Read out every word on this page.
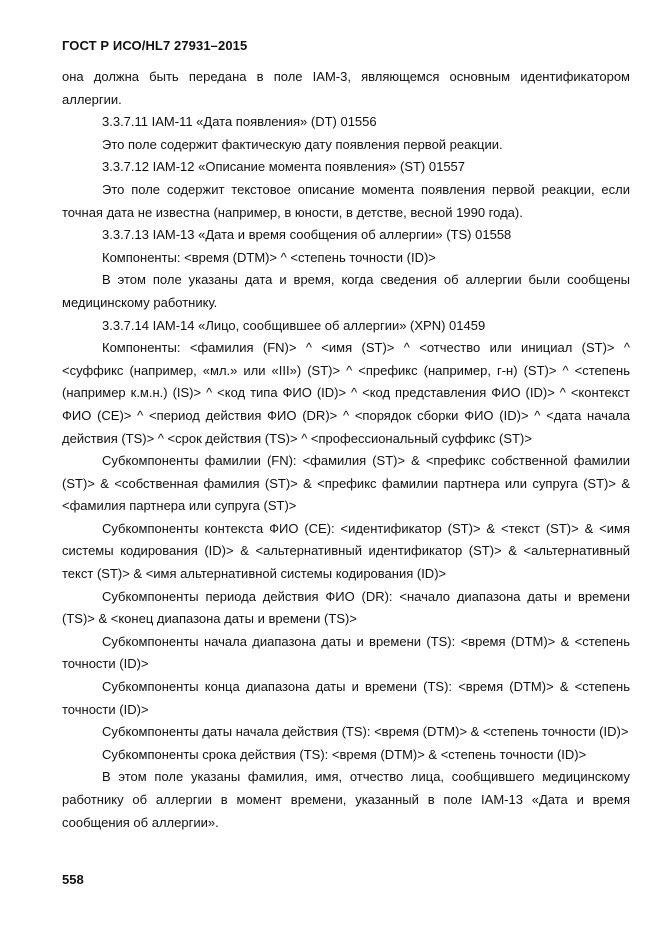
ГОСТ Р ИСО/HL7 27931–2015

она должна быть передана в поле IAM-3, являющемся основным идентификатором аллергии.

3.3.7.11 IAM-11 «Дата появления» (DT) 01556

Это поле содержит фактическую дату появления первой реакции.

3.3.7.12 IAM-12 «Описание момента появления» (ST) 01557

Это поле содержит текстовое описание момента появления первой реакции, если точная дата не известна (например, в юности, в детстве, весной 1990 года).

3.3.7.13 IAM-13 «Дата и время сообщения об аллергии» (TS) 01558

Компоненты: <время (DTM)> ^ <степень точности (ID)>

В этом поле указаны дата и время, когда сведения об аллергии были сообщены медицинскому работнику.

3.3.7.14 IAM-14 «Лицо, сообщившее об аллергии» (XPN) 01459

Компоненты: <фамилия (FN)> ^ <имя (ST)> ^ <отчество или инициал (ST)> ^ <суффикс (например, «мл.» или «III») (ST)> ^ <префикс (например, г-н) (ST)> ^ <степень (например к.м.н.) (IS)> ^ <код типа ФИО (ID)> ^ <код представления ФИО (ID)> ^ <контекст ФИО (CE)> ^ <период действия ФИО (DR)> ^ <порядок сборки ФИО (ID)> ^ <дата начала действия (TS)> ^ <срок действия (TS)> ^ <профессиональный суффикс (ST)>

Субкомпоненты фамилии (FN): <фамилия (ST)> & <префикс собственной фамилии (ST)> & <собственная фамилия (ST)> & <префикс фамилии партнера или супруга (ST)> & <фамилия партнера или супруга (ST)>

Субкомпоненты контекста ФИО (CE): <идентификатор (ST)> & <текст (ST)> & <имя системы кодирования (ID)> & <альтернативный идентификатор (ST)> & <альтернативный текст (ST)> & <имя альтернативной системы кодирования (ID)>

Субкомпоненты периода действия ФИО (DR): <начало диапазона даты и времени (TS)> & <конец диапазона даты и времени (TS)>

Субкомпоненты начала диапазона даты и времени (TS): <время (DTM)> & <степень точности (ID)>

Субкомпоненты конца диапазона даты и времени (TS): <время (DTM)> & <степень точности (ID)>

Субкомпоненты даты начала действия (TS): <время (DTM)> & <степень точности (ID)>

Субкомпоненты срока действия (TS): <время (DTM)> & <степень точности (ID)>

В этом поле указаны фамилия, имя, отчество лица, сообщившего медицинскому работнику об аллергии в момент времени, указанный в поле IAM-13 «Дата и время сообщения об аллергии».

558
